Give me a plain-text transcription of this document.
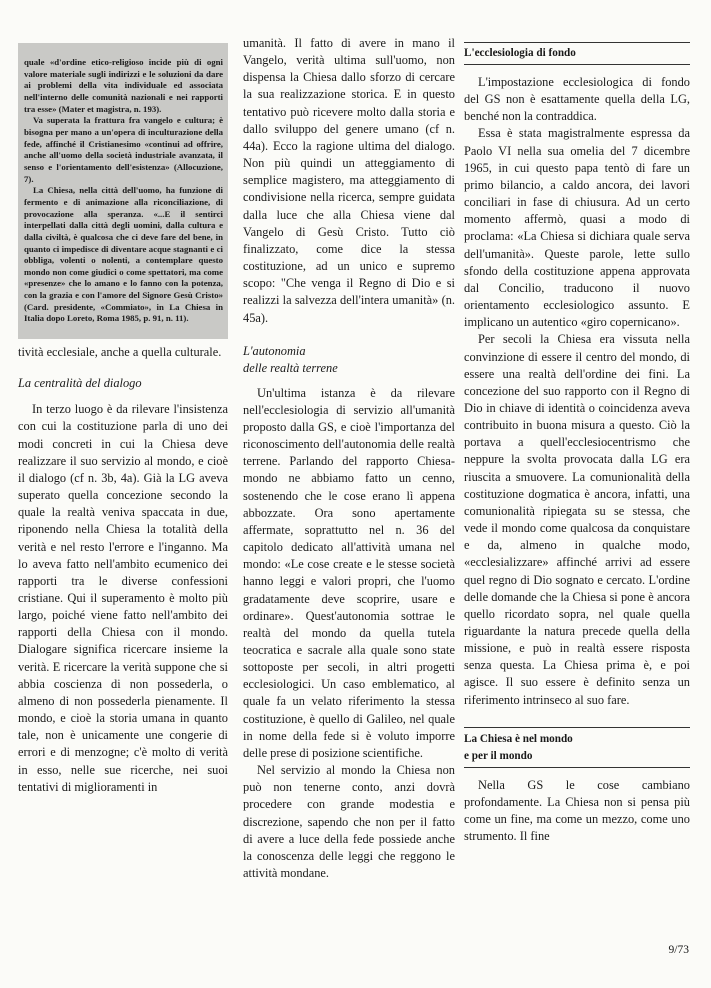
quale «d'ordine etico-religioso incide più di ogni valore materiale sugli indirizzi e le soluzioni da dare ai problemi della vita individuale ed associata nell'interno delle comunità nazionali e nei rapporti tra esse» (Mater et magistra, n. 193).

Va superata la frattura fra vangelo e cultura; è bisogna per mano a un'opera di inculturazione della fede, affinché il Cristianesimo «continui ad offrire, anche all'uomo della società industriale avanzata, il senso e l'orientamento dell'esistenza» (Allocuzione, 7).

La Chiesa, nella città dell'uomo, ha funzione di fermento e di animazione alla riconciliazione, di provocazione alla speranza. «...E il sentirci interpellati dalla città degli uomini, dalla cultura e dalla civiltà, è qualcosa che ci deve fare del bene, in quanto ci impedisce di diventare acque stagnanti e ci obbliga, volenti o nolenti, a contemplare questo mondo non come giudici o come spettatori, ma come «presenze» che lo amano e lo fanno con la potenza, con la grazia e con l'amore del Signore Gesù Cristo» (Card. presidente, «Commiato», in La Chiesa in Italia dopo Loreto, Roma 1985, p. 91, n. 11).

tività ecclesiale, anche a quella culturale.

La centralità del dialogo

In terzo luogo è da rilevare l'insistenza con cui la costituzione parla di uno dei modi concreti in cui la Chiesa deve realizzare il suo servizio al mondo, e cioè il dialogo (cf n. 3b, 4a). Già la LG aveva superato quella concezione secondo la quale la realtà veniva spaccata in due, riponendo nella Chiesa la totalità della verità e nel resto l'errore e l'inganno. Ma lo aveva fatto nell'ambito ecumenico dei rapporti tra le diverse confessioni cristiane. Qui il superamento è molto più largo, poiché viene fatto nell'ambito dei rapporti della Chiesa con il mondo. Dialogare significa ricercare insieme la verità. E ricercare la verità suppone che si abbia coscienza di non possederla, o almeno di non possederla pienamente. Il mondo, e cioè la storia umana in quanto tale, non è unicamente une congerie di errori e di menzogne; c'è molto di verità in esso, nelle sue ricerche, nei suoi tentativi di miglioramenti in

umanità. Il fatto di avere in mano il Vangelo, verità ultima sull'uomo, non dispensa la Chiesa dallo sforzo di cercare la sua realizzazione storica. E in questo tentativo può ricevere molto dalla storia e dallo sviluppo del genere umano (cf n. 44a). Ecco la ragione ultima del dialogo. Non più quindi un atteggiamento di semplice magistero, ma atteggiamento di condivisione nella ricerca, sempre guidata dalla luce che alla Chiesa viene dal Vangelo di Gesù Cristo. Tutto ciò finalizzato, come dice la stessa costituzione, ad un unico e supremo scopo: "Che venga il Regno di Dio e si realizzi la salvezza dell'intera umanità» (n. 45a).

L'autonomia

delle realtà terrene

Un'ultima istanza è da rilevare nell'ecclesiologia di servizio all'umanità proposto dalla GS, e cioè l'importanza del riconoscimento dell'autonomia delle realtà terrene. Parlando del rapporto Chiesa-mondo ne abbiamo fatto un cenno, sostenendo che le cose erano lì appena abbozzate. Ora sono apertamente affermate, soprattutto nel n. 36 del capitolo dedicato all'attività umana nel mondo: «Le cose create e le stesse società hanno leggi e valori propri, che l'uomo gradatamente deve scoprire, usare e ordinare». Quest'autonomia sottrae le realtà del mondo da quella tutela teocratica e sacrale alla quale sono state sottoposte per secoli, in altri progetti ecclesiologici. Un caso emblematico, al quale fa un velato riferimento la stessa costituzione, è quello di Galileo, nel quale in nome della fede si è voluto imporre delle prese di posizione scientifiche.

Nel servizio al mondo la Chiesa non può non tenerne conto, anzi dovrà procedere con grande modestia e discrezione, sapendo che non per il fatto di avere a luce della fede possiede anche la conoscenza delle leggi che reggono le attività mondane.

L'ecclesiologia di fondo

L'impostazione ecclesiologica di fondo del GS non è esattamente quella della LG, benché non la contraddica.

Essa è stata magistralmente espressa da Paolo VI nella sua omelia del 7 dicembre 1965, in cui questo papa tentò di fare un primo bilancio, a caldo ancora, dei lavori conciliari in fase di chiusura. Ad un certo momento affermò, quasi a modo di proclama: «La Chiesa si dichiara quale serva dell'umanità». Queste parole, lette sullo sfondo della costituzione appena approvata dal Concilio, traducono il nuovo orientamento ecclesiologico assunto. E implicano un autentico «giro copernicano».

Per secoli la Chiesa era vissuta nella convinzione di essere il centro del mondo, di essere una realtà dell'ordine dei fini. La concezione del suo rapporto con il Regno di Dio in chiave di identità o coincidenza aveva contribuito in buona misura a questo. Ciò la portava a quell'ecclesiocentrismo che neppure la svolta provocata dalla LG era riuscita a smuovere. La comunionalità della costituzione dogmatica è ancora, infatti, una comunionalità ripiegata su se stessa, che vede il mondo come qualcosa da conquistare e da, almeno in qualche modo, «ecclesializzare» affinché arrivi ad essere quel regno di Dio sognato e cercato. L'ordine delle domande che la Chiesa si pone è ancora quello ricordato sopra, nel quale quella riguardante la natura precede quella della missione, e può in realtà essere risposta senza questa. La Chiesa prima è, e poi agisce. Il suo essere è definito senza un riferimento intrinseco al suo fare.

La Chiesa è nel mondo

e per il mondo

Nella GS le cose cambiano profondamente. La Chiesa non si pensa più come un fine, ma come un mezzo, come uno strumento. Il fine

9/73
